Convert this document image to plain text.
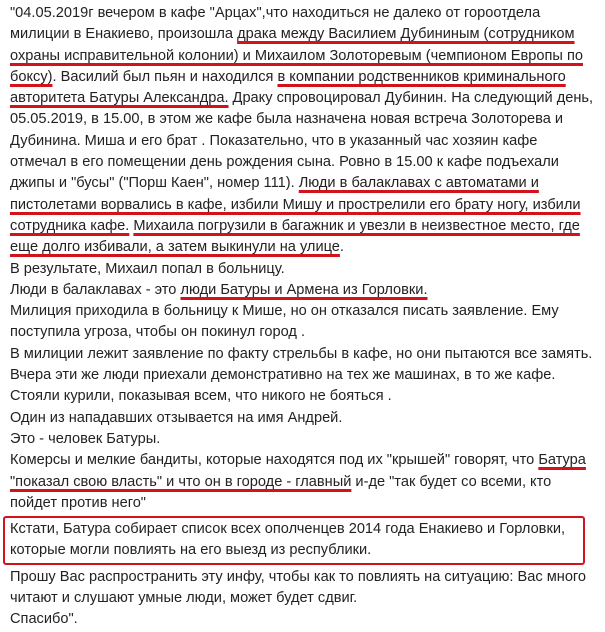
"04.05.2019г вечером в кафе "Арцах",что находиться не далеко от гороотдела
милиции в Енакиево, произошла драка между Василием Дубининым (сотрудником
охраны исправительной колонии) и Михаилом Золоторевым (чемпионом Европы по
боксу). Василий был пьян и находился в компании родственников криминального
авторитета Батуры Александра. Драку спровоцировал Дубинин. На следующий день,
05.05.2019, в 15.00, в этом же кафе была назначена новая встреча Золоторева и
Дубинина. Миша и его брат . Показательно, что в указанный час хозяин кафе
отмечал в его помещении день рождения сына. Ровно в 15.00 к кафе подъехали
джипы и "бусы" ("Порш Каен", номер 111). Люди в балаклавах с автоматами и
пистолетами ворвались в кафе, избили Мишу и прострелили его брату ногу, избили
сотрудника кафе. Михаила погрузили в багажник и увезли в неизвестное место, где
еще долго избивали, а затем выкинули на улице.
В результате, Михаил попал в больницу.
Люди в балаклавах - это люди Батуры и Армена из Горловки.
Милиция приходила в больницу к Мише, но он отказался писать заявление. Ему
поступила угроза, чтобы он покинул город .
В милиции лежит заявление по факту стрельбы в кафе, но они пытаются все замять.
Вчера эти же люди приехали демонстративно на тех же машинах, в то же кафе.
Стояли курили, показывая всем, что никого не бояться .
Один из нападавших отзывается на имя Андрей.
Это - человек Батуры.
Комерсы и мелкие бандиты, которые находятся под их "крышей" говорят, что Батура
"показал свою власть" и что он в городе - главный и-де "так будет со всеми, кто
пойдет против него"
Кстати, Батура собирает список всех ополченцев 2014 года Енакиево и Горловки,
которые могли повлиять на его выезд из республики.
Прошу Вас распространить эту инфу, чтобы как то повлиять на ситуацию: Вас много
читают и слушают умные люди, может будет сдвиг.
Спасибо".
